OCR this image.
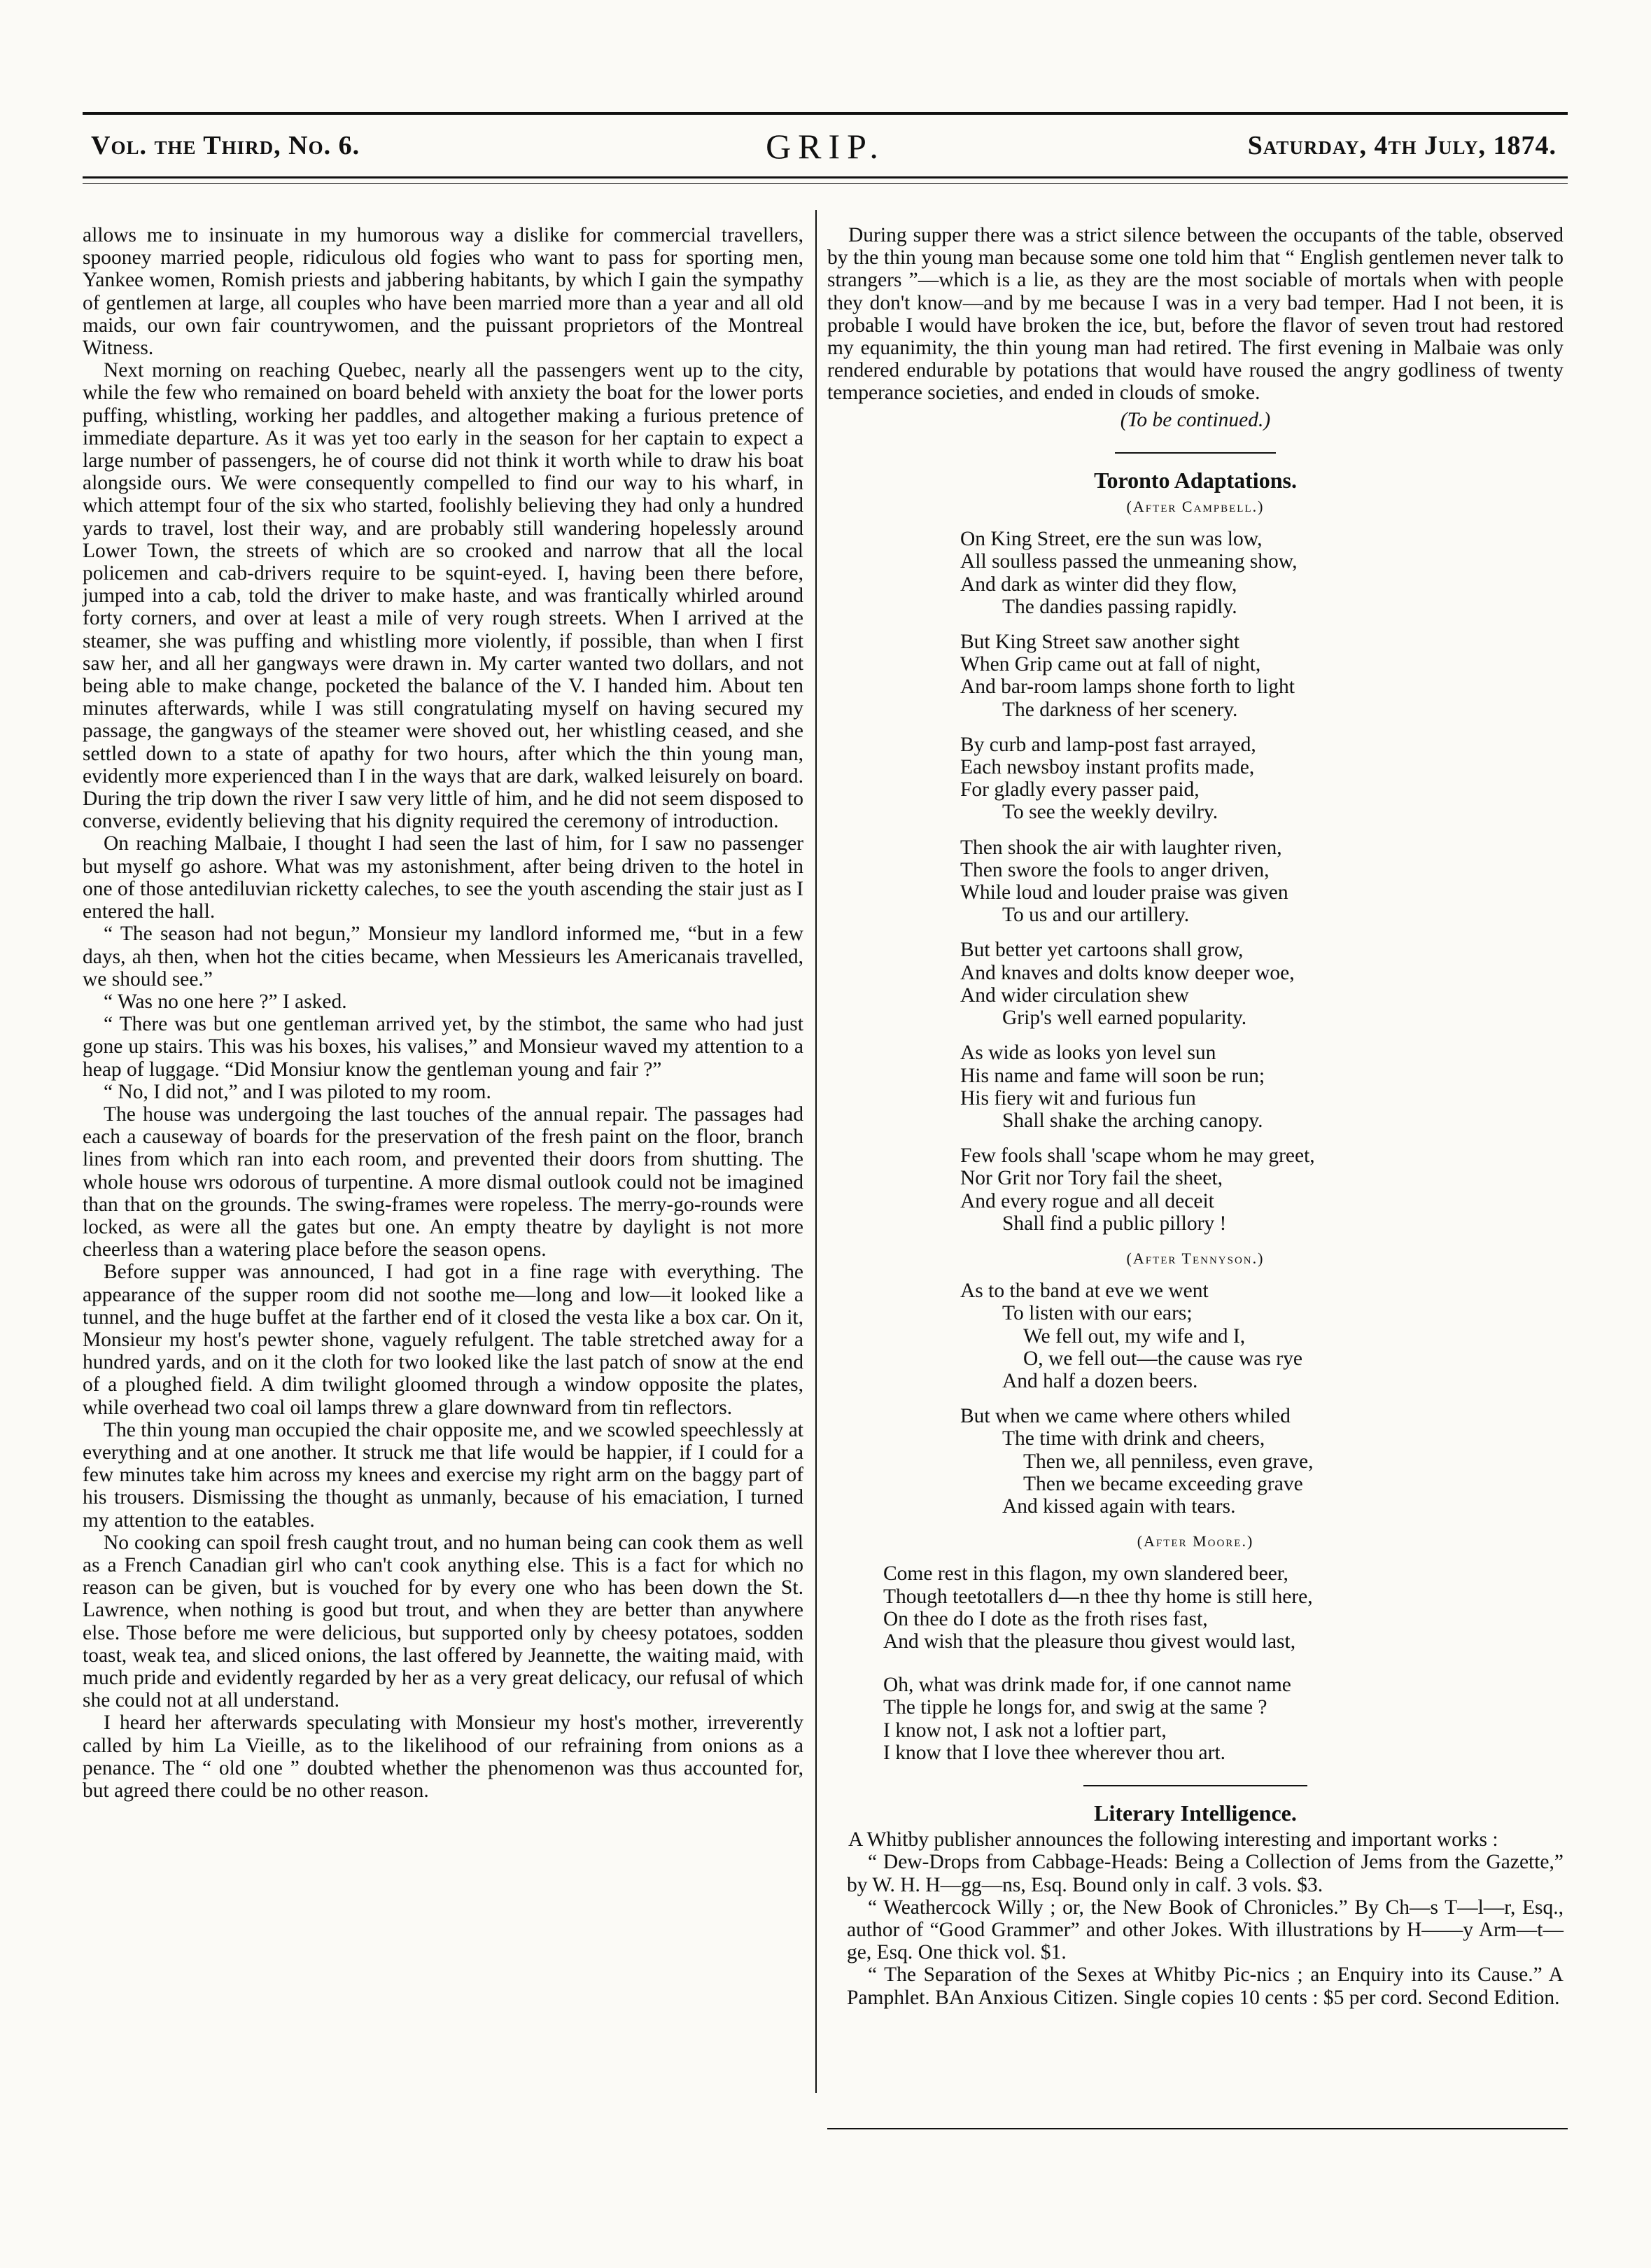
Vol. the Third, No. 6.	GRIP.	Saturday, 4th July, 1874.

allows me to insinuate in my humorous way a dislike for commercial travellers, spooney married people, ridiculous old fogies who want to pass for sporting men, Yankee women, Romish priests and jabbering habitants, by which I gain the sympathy of gentlemen at large, all couples who have been married more than a year and all old maids, our own fair countrywomen, and the puissant proprietors of the Montreal Witness.

Next morning on reaching Quebec, nearly all the passengers went up to the city, while the few who remained on board beheld with anxiety the boat for the lower ports puffing, whistling, working her paddles, and altogether making a furious pretence of immediate departure. As it was yet too early in the season for her captain to expect a large number of passengers, he of course did not think it worth while to draw his boat alongside ours. We were consequently compelled to find our way to his wharf, in which attempt four of the six who started, foolishly believing they had only a hundred yards to travel, lost their way, and are probably still wandering hopelessly around Lower Town, the streets of which are so crooked and narrow that all the local policemen and cab-drivers require to be squint-eyed. I, having been there before, jumped into a cab, told the driver to make haste, and was frantically whirled around forty corners, and over at least a mile of very rough streets. When I arrived at the steamer, she was puffing and whistling more violently, if possible, than when I first saw her, and all her gangways were drawn in. My carter wanted two dollars, and not being able to make change, pocketed the balance of the V. I handed him. About ten minutes afterwards, while I was still congratulating myself on having secured my passage, the gangways of the steamer were shoved out, her whistling ceased, and she settled down to a state of apathy for two hours, after which the thin young man, evidently more experienced than I in the ways that are dark, walked leisurely on board. During the trip down the river I saw very little of him, and he did not seem disposed to converse, evidently believing that his dignity required the ceremony of introduction.

On reaching Malbaie, I thought I had seen the last of him, for I saw no passenger but myself go ashore. What was my astonishment, after being driven to the hotel in one of those antediluvian ricketty caleches, to see the youth ascending the stair just as I entered the hall.

“ The season had not begun,” Monsieur my landlord informed me, “but in a few days, ah then, when hot the cities became, when Messieurs les Americanais travelled, we should see.”

“ Was no one here ?” I asked.

“ There was but one gentleman arrived yet, by the stimbot, the same who had just gone up stairs. This was his boxes, his valises,” and Monsieur waved my attention to a heap of luggage. “Did Monsiur know the gentleman young and fair ?”

“ No, I did not,” and I was piloted to my room.

The house was undergoing the last touches of the annual repair. The passages had each a causeway of boards for the preservation of the fresh paint on the floor, branch lines from which ran into each room, and prevented their doors from shutting. The whole house wrs odorous of turpentine. A more dismal outlook could not be imagined than that on the grounds. The swing-frames were ropeless. The merry-go-rounds were locked, as were all the gates but one. An empty theatre by daylight is not more cheerless than a watering place before the season opens.

Before supper was announced, I had got in a fine rage with everything. The appearance of the supper room did not soothe me—long and low—it looked like a tunnel, and the huge buffet at the farther end of it closed the vesta like a box car. On it, Monsieur my host's pewter shone, vaguely refulgent. The table stretched away for a hundred yards, and on it the cloth for two looked like the last patch of snow at the end of a ploughed field. A dim twilight gloomed through a window opposite the plates, while overhead two coal oil lamps threw a glare downward from tin reflectors.

The thin young man occupied the chair opposite me, and we scowled speechlessly at everything and at one another. It struck me that life would be happier, if I could for a few minutes take him across my knees and exercise my right arm on the baggy part of his trousers. Dismissing the thought as unmanly, because of his emaciation, I turned my attention to the eatables.

No cooking can spoil fresh caught trout, and no human being can cook them as well as a French Canadian girl who can't cook anything else. This is a fact for which no reason can be given, but is vouched for by every one who has been down the St. Lawrence, when nothing is good but trout, and when they are better than anywhere else. Those before me were delicious, but supported only by cheesy potatoes, sodden toast, weak tea, and sliced onions, the last offered by Jeannette, the waiting maid, with much pride and evidently regarded by her as a very great delicacy, our refusal of which she could not at all understand.

I heard her afterwards speculating with Monsieur my host's mother, irreverently called by him La Vieille, as to the likelihood of our refraining from onions as a penance. The “ old one ” doubted whether the phenomenon was thus accounted for, but agreed there could be no other reason.

During supper there was a strict silence between the occupants of the table, observed by the thin young man because some one told him that “ English gentlemen never talk to strangers ”—which is a lie, as they are the most sociable of mortals when with people they don't know—and by me because I was in a very bad temper. Had I not been, it is probable I would have broken the ice, but, before the flavor of seven trout had restored my equanimity, the thin young man had retired. The first evening in Malbaie was only rendered endurable by potations that would have roused the angry godliness of twenty temperance societies, and ended in clouds of smoke.

(To be continued.)

Toronto Adaptations.
(After Campbell.)
On King Street, ere the sun was low,
All soulless passed the unmeaning show,
And dark as winter did they flow,
The dandies passing rapidly.
But King Street saw another sight
When Grip came out at fall of night,
And bar-room lamps shone forth to light
The darkness of her scenery.
By curb and lamp-post fast arrayed,
Each newsboy instant profits made,
For gladly every passer paid,
To see the weekly devilry.
Then shook the air with laughter riven,
Then swore the fools to anger driven,
While loud and louder praise was given
To us and our artillery.
But better yet cartoons shall grow,
And knaves and dolts know deeper woe,
And wider circulation shew
Grip's well earned popularity.
As wide as looks yon level sun
His name and fame will soon be run;
His fiery wit and furious fun
Shall shake the arching canopy.
Few fools shall 'scape whom he may greet,
Nor Grit nor Tory fail the sheet,
And every rogue and all deceit
Shall find a public pillory !
(After Tennyson.)
As to the band at eve we went
To listen with our ears;
We fell out, my wife and I,
O, we fell out—the cause was rye
And half a dozen beers.
But when we came where others whiled
The time with drink and cheers,
Then we, all penniless, even grave,
Then we became exceeding grave
And kissed again with tears.
(After Moore.)
Come rest in this flagon, my own slandered beer,
Though teetotallers d—n thee thy home is still here,
On thee do I dote as the froth rises fast,
And wish that the pleasure thou givest would last,
Oh, what was drink made for, if one cannot name
The tipple he longs for, and swig at the same ?
I know not, I ask not a loftier part,
I know that I love thee wherever thou art.
Literary Intelligence.

A Whitby publisher announces the following interesting and important works :

“ Dew-Drops from Cabbage-Heads: Being a Collection of Jems from the Gazette,” by W. H. H—gg—ns, Esq. Bound only in calf. 3 vols. $3.

“ Weathercock Willy ; or, the New Book of Chronicles.” By Ch—s T—l—r, Esq., author of “Good Grammer” and other Jokes. With illustrations by H——y Arm—t—ge, Esq. One thick vol. $1.

“ The Separation of the Sexes at Whitby Pic-nics ; an Enquiry into its Cause.” A Pamphlet. BAn Anxious Citizen. Single copies 10 cents : $5 per cord. Second Edition.
